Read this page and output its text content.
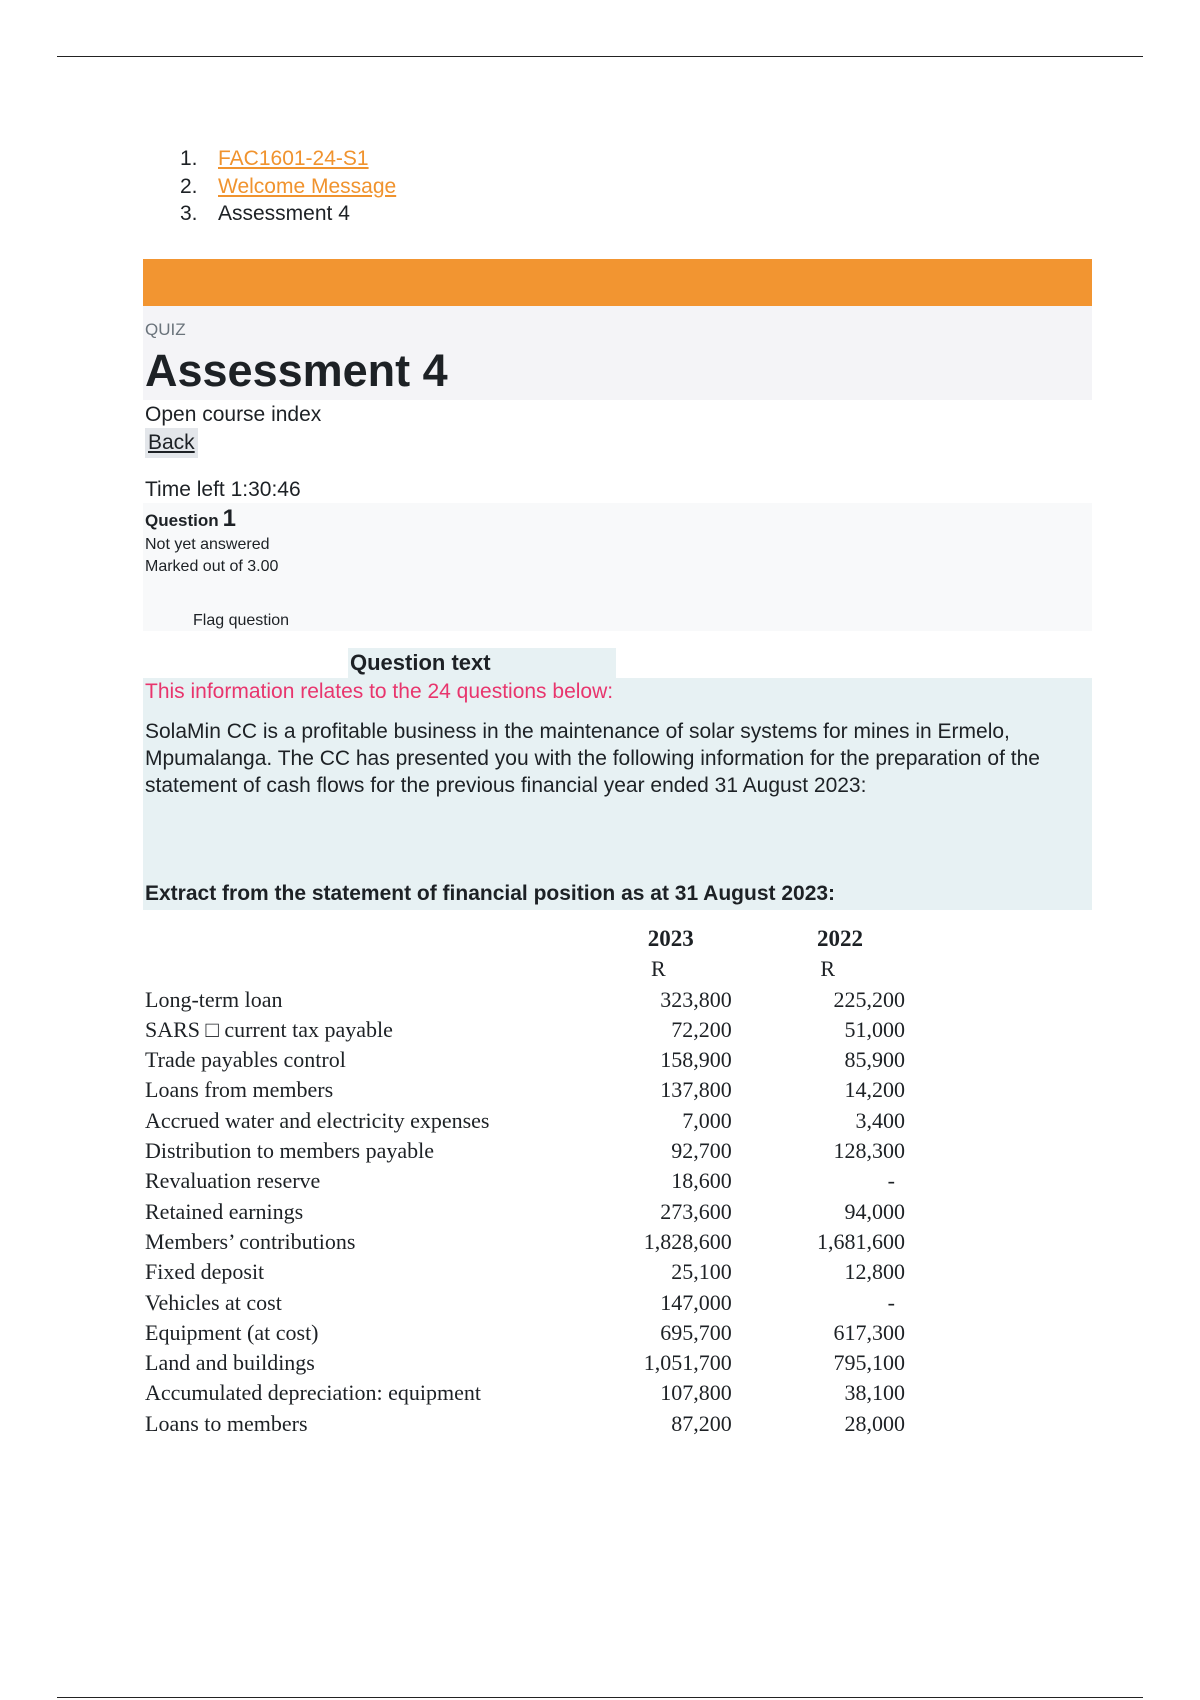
1. FAC1601-24-S1
2. Welcome Message
3. Assessment 4
QUIZ
Assessment 4
Open course index
Back
Time left 1:30:46
Question 1
Not yet answered
Marked out of 3.00
Flag question
Question text
This information relates to the 24 questions below:

SolaMin CC is a profitable business in the maintenance of solar systems for mines in Ermelo, Mpumalanga. The CC has presented you with the following information for the preparation of the statement of cash flows for the previous financial year ended 31 August 2023:

Extract from the statement of financial position as at 31 August 2023:
	2023	2022
	R	R
Long-term loan	323,800	225,200
SARS □ current tax payable	72,200	51,000
Trade payables control	158,900	85,900
Loans from members	137,800	14,200
Accrued water and electricity expenses	7,000	3,400
Distribution to members payable	92,700	128,300
Revaluation reserve	18,600	-
Retained earnings	273,600	94,000
Members’ contributions	1,828,600	1,681,600
Fixed deposit	25,100	12,800
Vehicles at cost	147,000	-
Equipment (at cost)	695,700	617,300
Land and buildings	1,051,700	795,100
Accumulated depreciation: equipment	107,800	38,100
Loans to members	87,200	28,000
